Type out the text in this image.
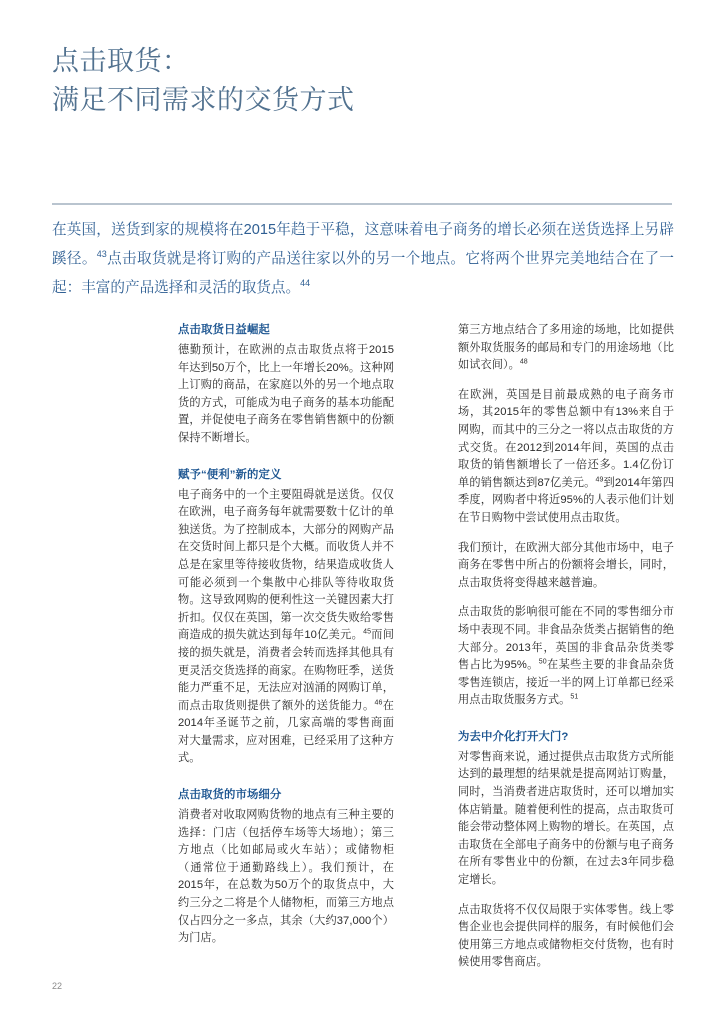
点击取货：
满足不同需求的交货方式
在英国，送货到家的规模将在2015年趋于平稳，这意味着电子商务的增长必须在送货选择上另辟蹊径。$^{43}$点击取货就是将订购的产品送往家以外的另一个地点。它将两个世界完美地结合在了一起：丰富的产品选择和灵活的取货点。$^{44}$
点击取货日益崛起

德勤预计，在欧洲的点击取货点将于2015年达到50万个，比上一年增长20%。这种网上订购的商品，在家庭以外的另一个地点取货的方式，可能成为电子商务的基本功能配置，并促使电子商务在零售销售额中的份额保持不断增长。

赋予“便利”新的定义

电子商务中的一个主要阻碍就是送货。仅仅在欧洲，电子商务每年就需要数十亿计的单独送货。为了控制成本，大部分的网购产品在交货时间上都只是个大概。而收货人并不总是在家里等待接收货物，结果造成收货人可能必须到一个集散中心排队等待收取货物。这导致网购的便利性这一关键因素大打折扣。仅仅在英国，第一次交货失败给零售商造成的损失就达到每年10亿美元。$^{45}$而间接的损失就是，消费者会转而选择其他具有更灵活交货选择的商家。在购物旺季，送货能力严重不足，无法应对汹涌的网购订单，而点击取货则提供了额外的送货能力。$^{46}$在2014年圣诞节之前，几家高端的零售商面对大量需求，应对困难，已经采用了这种方式。

点击取货的市场细分

消费者对收取网购货物的地点有三种主要的选择：门店（包括停车场等大场地）；第三方地点（比如邮局或火车站）；或储物柜（通常位于通勤路线上）。我们预计，在2015年，在总数为50万个的取货点中，大约三分之二将是个人储物柜，而第三方地点仅占四分之一多点，其余（大约37,000个）为门店。

第三方地点结合了多用途的场地，比如提供额外取货服务的邮局和专门的用途场地（比如试衣间）。$^{48}$

在欧洲，英国是目前最成熟的电子商务市场，其2015年的零售总额中有13%来自于网购，而其中的三分之一将以点击取货的方式交货。在2012到2014年间，英国的点击取货的销售额增长了一倍还多。1.4亿份订单的销售额达到87亿美元。$^{49}$到2014年第四季度，网购者中将近95%的人表示他们计划在节日购物中尝试使用点击取货。

我们预计，在欧洲大部分其他市场中，电子商务在零售中所占的份额将会增长，同时，点击取货将变得越来越普遍。

点击取货的影响很可能在不同的零售细分市场中表现不同。非食品杂货类占据销售的绝大部分。2013年，英国的非食品杂货类零售占比为95%。$^{50}$在某些主要的非食品杂货零售连锁店，接近一半的网上订单都已经采用点击取货服务方式。$^{51}$

为去中介化打开大门?

对零售商来说，通过提供点击取货方式所能达到的最理想的结果就是提高网站订购量，同时，当消费者进店取货时，还可以增加实体店销量。随着便利性的提高，点击取货可能会带动整体网上购物的增长。在英国，点击取货在全部电子商务中的份额与电子商务在所有零售业中的份额，在过去3年同步稳定增长。

点击取货将不仅仅局限于实体零售。线上零售企业也会提供同样的服务，有时候他们会使用第三方地点或储物柜交付货物，也有时候使用零售商店。

22
